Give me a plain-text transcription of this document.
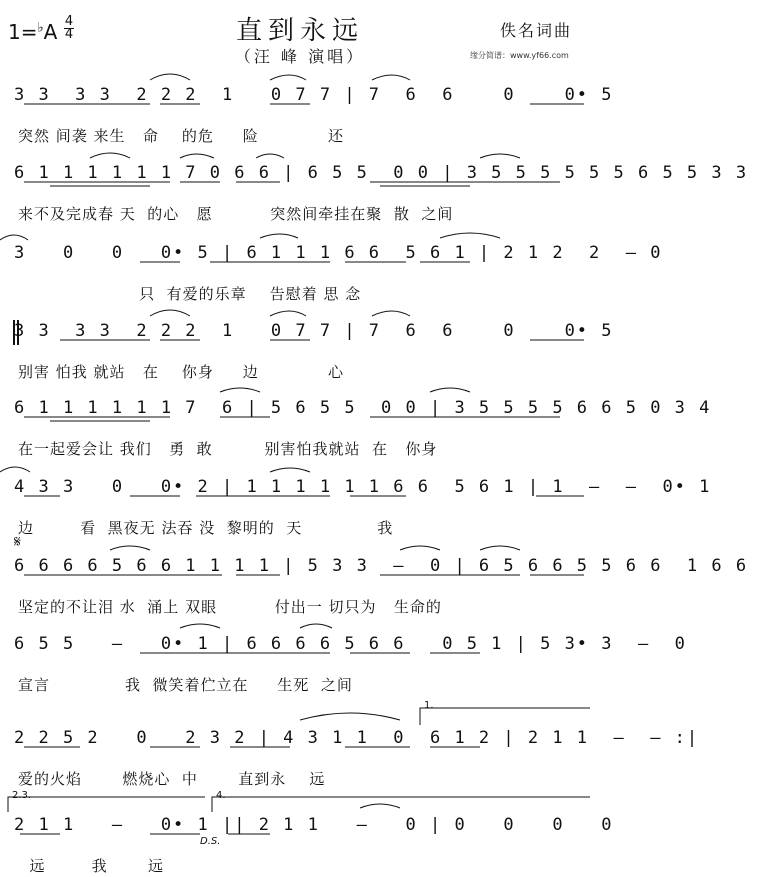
1=♭A 4
4	直到永远
（汪 峰 演唱）
佚名词曲
缘分简谱：www.yf66.com
3 3  3 3  2 2 2  1   0 7 7 | 7  6  6    0    0• 5
突然 间袭 来生   命    的危     险            还
6 1 1 1 1 1 1 7 0 6 6 | 6 5 5  0 0 | 3 5 5 5 5 5 5 6 5 5 3 3
来不及完成春 天  的心   愿          突然间牵挂在聚  散  之间
3   0   0   0• 5 | 6 1 1 1 6 6  5 6 1 | 2 1 2  2  — 0
只  有爱的乐章    告慰着 思 念
3 3  3 3  2 2 2  1   0 7 7 | 7  6  6    0    0• 5
别害 怕我 就站   在    你身     边            心
6 1 1 1 1 1 1 7  6 | 5 6 5 5  0 0 | 3 5 5 5 5 6 6 5 0 3 4
在一起爱会让 我们   勇  敢         别害怕我就站  在   你身
4 3 3   0   0• 2 | 1 1 1 1 1 1 6 6  5 6 1 | 1  —  —  0• 1
边        看  黑夜无 法吞 没  黎明的  天             我
𝄋
6 6 6 6 5 6 6 1 1 1 1 | 5 3 3  —  0 | 6 5 6 6 5 5 6 6  1 6 6
坚定的不让泪 水  涌上 双眼          付出一 切只为   生命的
6 5 5   —   0• 1 | 6 6 6 6 5 6 6   0 5 1 | 5 3• 3  —  0
宣言             我  微笑着伫立在     生死  之间
1.
2 2 5 2   0   2 3 2 | 4 3 1 1  0  6 1 2 | 2 1 1  —  — :|
爱的火焰       燃烧心  中       直到永    远
2.3.	4.
2 1 1   —   0• 1 || 2 1 1   —   0 | 0   0   0   0
远        我       远
D.S.
